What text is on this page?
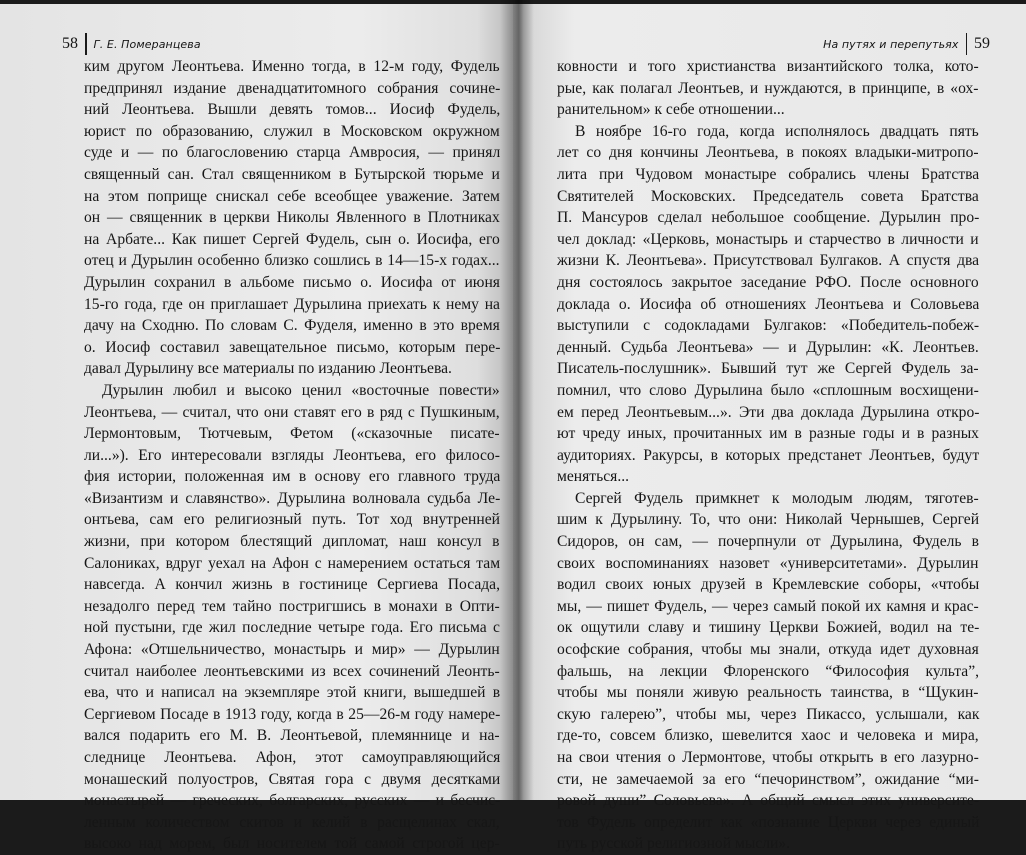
58 Г. Е. Померанцева
ким другом Леонтьева. Именно тогда, в 12-м году, Фудель
предпринял издание двенадцатитомного собрания сочине-
ний Леонтьева. Вышли девять томов... Иосиф Фудель,
юрист по образованию, служил в Московском окружном
суде и — по благословению старца Амвросия, — принял
священный сан. Стал священником в Бутырской тюрьме и
на этом поприще снискал себе всеобщее уважение. Затем
он — священник в церкви Николы Явленного в Плотниках
на Арбате... Как пишет Сергей Фудель, сын о. Иосифа, его
отец и Дурылин особенно близко сошлись в 14—15-х годах...
Дурылин сохранил в альбоме письмо о. Иосифа от июня
15-го года, где он приглашает Дурылина приехать к нему на
дачу на Сходню. По словам С. Фуделя, именно в это время
о. Иосиф составил завещательное письмо, которым пере-
давал Дурылину все материалы по изданию Леонтьева.
Дурылин любил и высоко ценил «восточные повести»
Леонтьева, — считал, что они ставят его в ряд с Пушкиным,
Лермонтовым, Тютчевым, Фетом («сказочные писате-
ли...»). Его интересовали взгляды Леонтьева, его филосо-
фия истории, положенная им в основу его главного труда
«Византизм и славянство». Дурылина волновала судьба Ле-
онтьева, сам его религиозный путь. Тот ход внутренней
жизни, при котором блестящий дипломат, наш консул в
Салониках, вдруг уехал на Афон с намерением остаться там
навсегда. А кончил жизнь в гостинице Сергиева Посада,
незадолго перед тем тайно постригшись в монахи в Опти-
ной пустыни, где жил последние четыре года. Его письма с
Афона: «Отшельничество, монастырь и мир» — Дурылин
считал наиболее леонтьевскими из всех сочинений Леонть-
ева, что и написал на экземпляре этой книги, вышедшей в
Сергиевом Посаде в 1913 году, когда в 25—26-м году намере-
вался подарить его М. В. Леонтьевой, племяннице и на-
следнице Леонтьева. Афон, этот самоуправляющийся
монашеский полуостров, Святая гора с двумя десятками
монастырей — греческих, болгарских, русских — и бесчис-
ленным количеством скитов и келий в расщелинах скал,
высоко над морем, был носителем той самой строгой цер-
На путях и перепутьях 59
ковности и того христианства византийского толка, кото-
рые, как полагал Леонтьев, и нуждаются, в принципе, в «ох-
ранительном» к себе отношении...
В ноябре 16-го года, когда исполнялось двадцать пять
лет со дня кончины Леонтьева, в покоях владыки-митропо-
лита при Чудовом монастыре собрались члены Братства
Святителей Московских. Председатель совета Братства
П. Мансуров сделал небольшое сообщение. Дурылин про-
чел доклад: «Церковь, монастырь и старчество в личности и
жизни К. Леонтьева». Присутствовал Булгаков. А спустя два
дня состоялось закрытое заседание РФО. После основного
доклада о. Иосифа об отношениях Леонтьева и Соловьева
выступили с содокладами Булгаков: «Победитель-побеж-
денный. Судьба Леонтьева» — и Дурылин: «К. Леонтьев.
Писатель-послушник». Бывший тут же Сергей Фудель за-
помнил, что слово Дурылина было «сплошным восхищени-
ем перед Леонтьевым...». Эти два доклада Дурылина откро-
ют чреду иных, прочитанных им в разные годы и в разных
аудиториях. Ракурсы, в которых предстанет Леонтьев, будут
меняться...
Сергей Фудель примкнет к молодым людям, тяготев-
шим к Дурылину. То, что они: Николай Чернышев, Сергей
Сидоров, он сам, — почерпнули от Дурылина, Фудель в
своих воспоминаниях назовет «университетами». Дурылин
водил своих юных друзей в Кремлевские соборы, «чтобы
мы, — пишет Фудель, — через самый покой их камня и крас-
ок ощутили славу и тишину Церкви Божией, водил на те-
ософские собрания, чтобы мы знали, откуда идет духовная
фальшь, на лекции Флоренского “Философия культа”,
чтобы мы поняли живую реальность таинства, в “Щукин-
скую галерею”, чтобы мы, через Пикассо, услышали, как
где-то, совсем близко, шевелится хаос и человека и мира,
на свои чтения о Лермонтове, чтобы открыть в его лазурно-
сти, не замечаемой за его “печоринством”, ожидание “ми-
ровой души” Соловьева». А общий смысл этих университе-
тов Фудель определит как «познание Церкви через единый
путь русской религиозной мысли».
